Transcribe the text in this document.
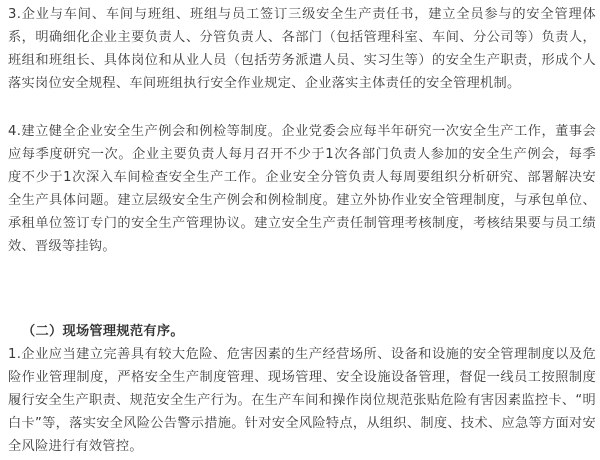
3.企业与车间、车间与班组、班组与员工签订三级安全生产责任书，建立全员参与的安全管理体系，明确细化企业主要负责人、分管负责人、各部门（包括管理科室、车间、分公司等）负责人，班组和班组长、具体岗位和从业人员（包括劳务派遣人员、实习生等）的安全生产职责，形成个人落实岗位安全规程、车间班组执行安全作业规定、企业落实主体责任的安全管理机制。

4.建立健全企业安全生产例会和例检等制度。企业党委会应每半年研究一次安全生产工作，董事会应每季度研究一次。企业主要负责人每月召开不少于1次各部门负责人参加的安全生产例会，每季度不少于1次深入车间检查安全生产工作。企业安全分管负责人每周要组织分析研究、部署解决安全生产具体问题。建立层级安全生产例会和例检制度。建立外协作业安全管理制度，与承包单位、承租单位签订专门的安全生产管理协议。建立安全生产责任制管理考核制度，考核结果要与员工绩效、晋级等挂钩。

（二）现场管理规范有序。

1.企业应当建立完善具有较大危险、危害因素的生产经营场所、设备和设施的安全管理制度以及危险作业管理制度，严格安全生产制度管理、现场管理、安全设施设备管理，督促一线员工按照制度履行安全生产职责、规范安全生产行为。在生产车间和操作岗位规范张贴危险有害因素监控卡、“明白卡”等，落实安全风险公告警示措施。针对安全风险特点，从组织、制度、技术、应急等方面对安全风险进行有效管控。
